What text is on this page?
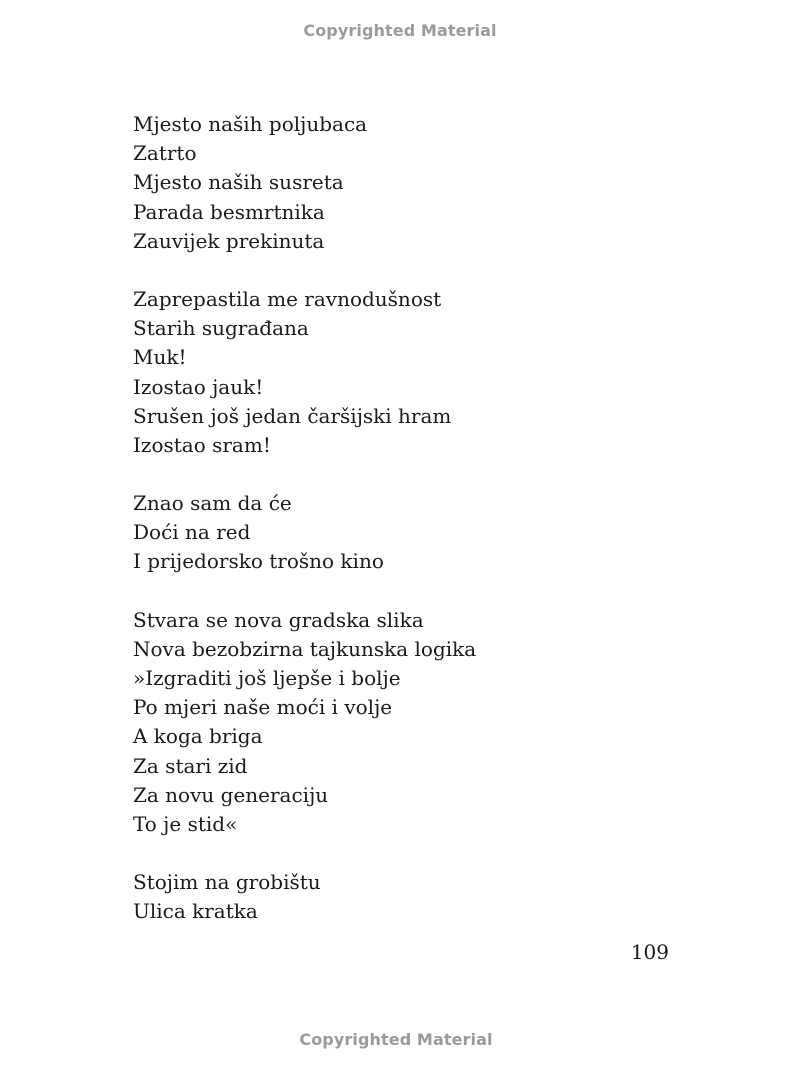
Copyrighted Material
Mjesto naših poljubaca
Zatrto
Mjesto naših susreta
Parada besmrtnika
Zauvijek prekinuta
Zaprepastila me ravnodušnost
Starih sugrađana
Muk!
Izostao jauk!
Srušen još jedan čaršijski hram
Izostao sram!
Znao sam da će
Doći na red
I prijedorsko trošno kino
Stvara se nova gradska slika
Nova bezobzirna tajkunska logika
»Izgraditi još ljepše i bolje
Po mjeri naše moći i volje
A koga briga
Za stari zid
Za novu generaciju
To je stid«
Stojim na grobištu
Ulica kratka
109
Copyrighted Material
